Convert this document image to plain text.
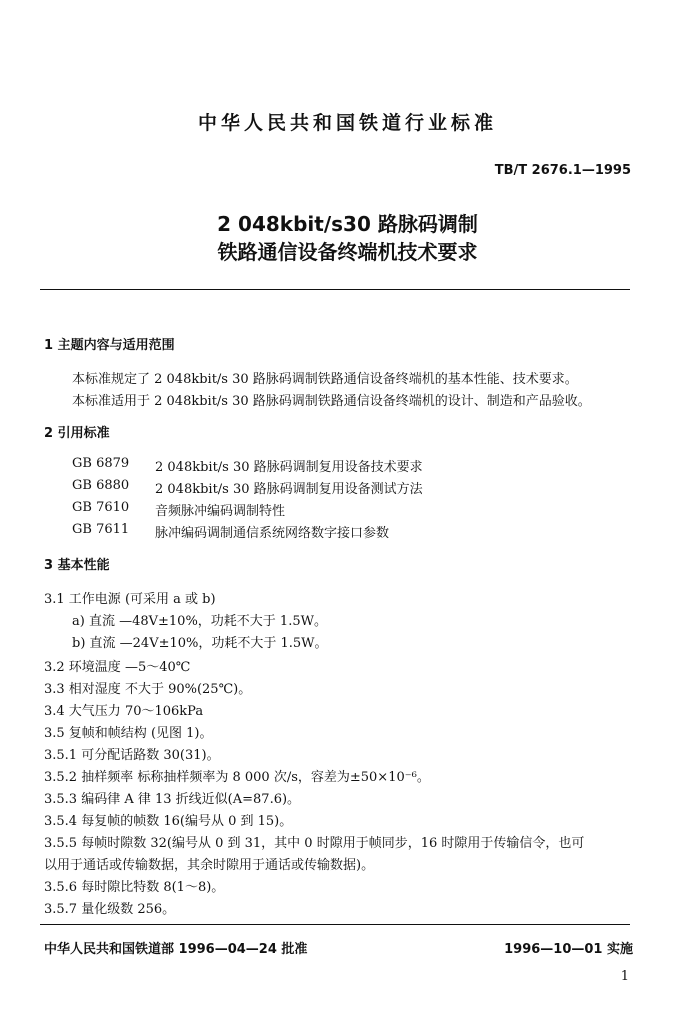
中华人民共和国铁道行业标准
TB/T 2676.1—1995
2 048kbit/s30 路脉码调制
铁路通信设备终端机技术要求
1 主题内容与适用范围
本标准规定了 2 048kbit/s 30 路脉码调制铁路通信设备终端机的基本性能、技术要求。
本标准适用于 2 048kbit/s 30 路脉码调制铁路通信设备终端机的设计、制造和产品验收。
2 引用标准
GB 6879 2 048kbit/s 30 路脉码调制复用设备技术要求
GB 6880 2 048kbit/s 30 路脉码调制复用设备测试方法
GB 7610 音频脉冲编码调制特性
GB 7611 脉冲编码调制通信系统网络数字接口参数
3 基本性能
3.1 工作电源 (可采用 a 或 b)
a) 直流 —48V±10%，功耗不大于 1.5W。
b) 直流 —24V±10%，功耗不大于 1.5W。
3.2 环境温度 —5～40℃
3.3 相对湿度 不大于 90%(25℃)。
3.4 大气压力 70～106kPa
3.5 复帧和帧结构 (见图 1)。
3.5.1 可分配话路数 30(31)。
3.5.2 抽样频率 标称抽样频率为 8 000 次/s，容差为±50×10⁻⁶。
3.5.3 编码律 A 律 13 折线近似(A=87.6)。
3.5.4 每复帧的帧数 16(编号从 0 到 15)。
3.5.5 每帧时隙数 32(编号从 0 到 31，其中 0 时隙用于帧同步，16 时隙用于传输信令，也可
以用于通话或传输数据，其余时隙用于通话或传输数据)。
3.5.6 每时隙比特数 8(1～8)。
3.5.7 量化级数 256。
中华人民共和国铁道部 1996—04—24 批准	1996—10—01 实施
1
